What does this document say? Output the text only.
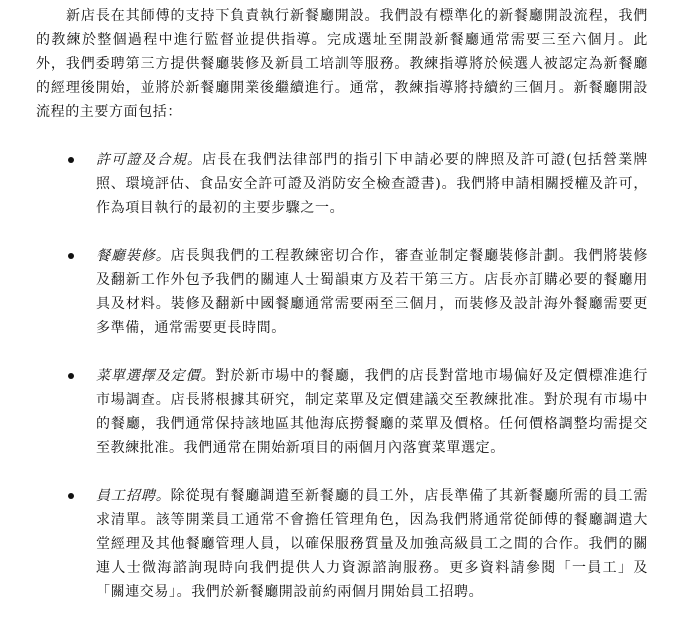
新店長在其師傅的支持下負責執行新餐廳開設。我們設有標準化的新餐廳開設流程，我們的教練於整個過程中進行監督並提供指導。完成選址至開設新餐廳通常需要三至六個月。此外，我們委聘第三方提供餐廳裝修及新員工培訓等服務。教練指導將於候選人被認定為新餐廳的經理後開始，並將於新餐廳開業後繼續進行。通常，教練指導將持續約三個月。新餐廳開設流程的主要方面包括：

許可證及合規。店長在我們法律部門的指引下申請必要的牌照及許可證(包括營業牌照、環境評估、食品安全許可證及消防安全檢查證書)。我們將申請相關授權及許可，作為項目執行的最初的主要步驟之一。

餐廳裝修。店長與我們的工程教練密切合作，審查並制定餐廳裝修計劃。我們將裝修及翻新工作外包予我們的關連人士蜀韻東方及若干第三方。店長亦訂購必要的餐廳用具及材料。裝修及翻新中國餐廳通常需要兩至三個月，而裝修及設計海外餐廳需要更多準備，通常需要更長時間。

菜單選擇及定價。對於新市場中的餐廳，我們的店長對當地市場偏好及定價標准進行市場調查。店長將根據其研究，制定菜單及定價建議交至教練批准。對於現有市場中的餐廳，我們通常保持該地區其他海底撈餐廳的菜單及價格。任何價格調整均需提交至教練批准。我們通常在開始新項目的兩個月內落實菜單選定。

員工招聘。除從現有餐廳調遣至新餐廳的員工外，店長準備了其新餐廳所需的員工需求清單。該等開業員工通常不會擔任管理角色，因為我們將通常從師傅的餐廳調遣大堂經理及其他餐廳管理人員，以確保服務質量及加強高級員工之間的合作。我們的關連人士微海諮詢現時向我們提供人力資源諮詢服務。更多資料請參閱「一員工」及「關連交易」。我們於新餐廳開設前約兩個月開始員工招聘。
